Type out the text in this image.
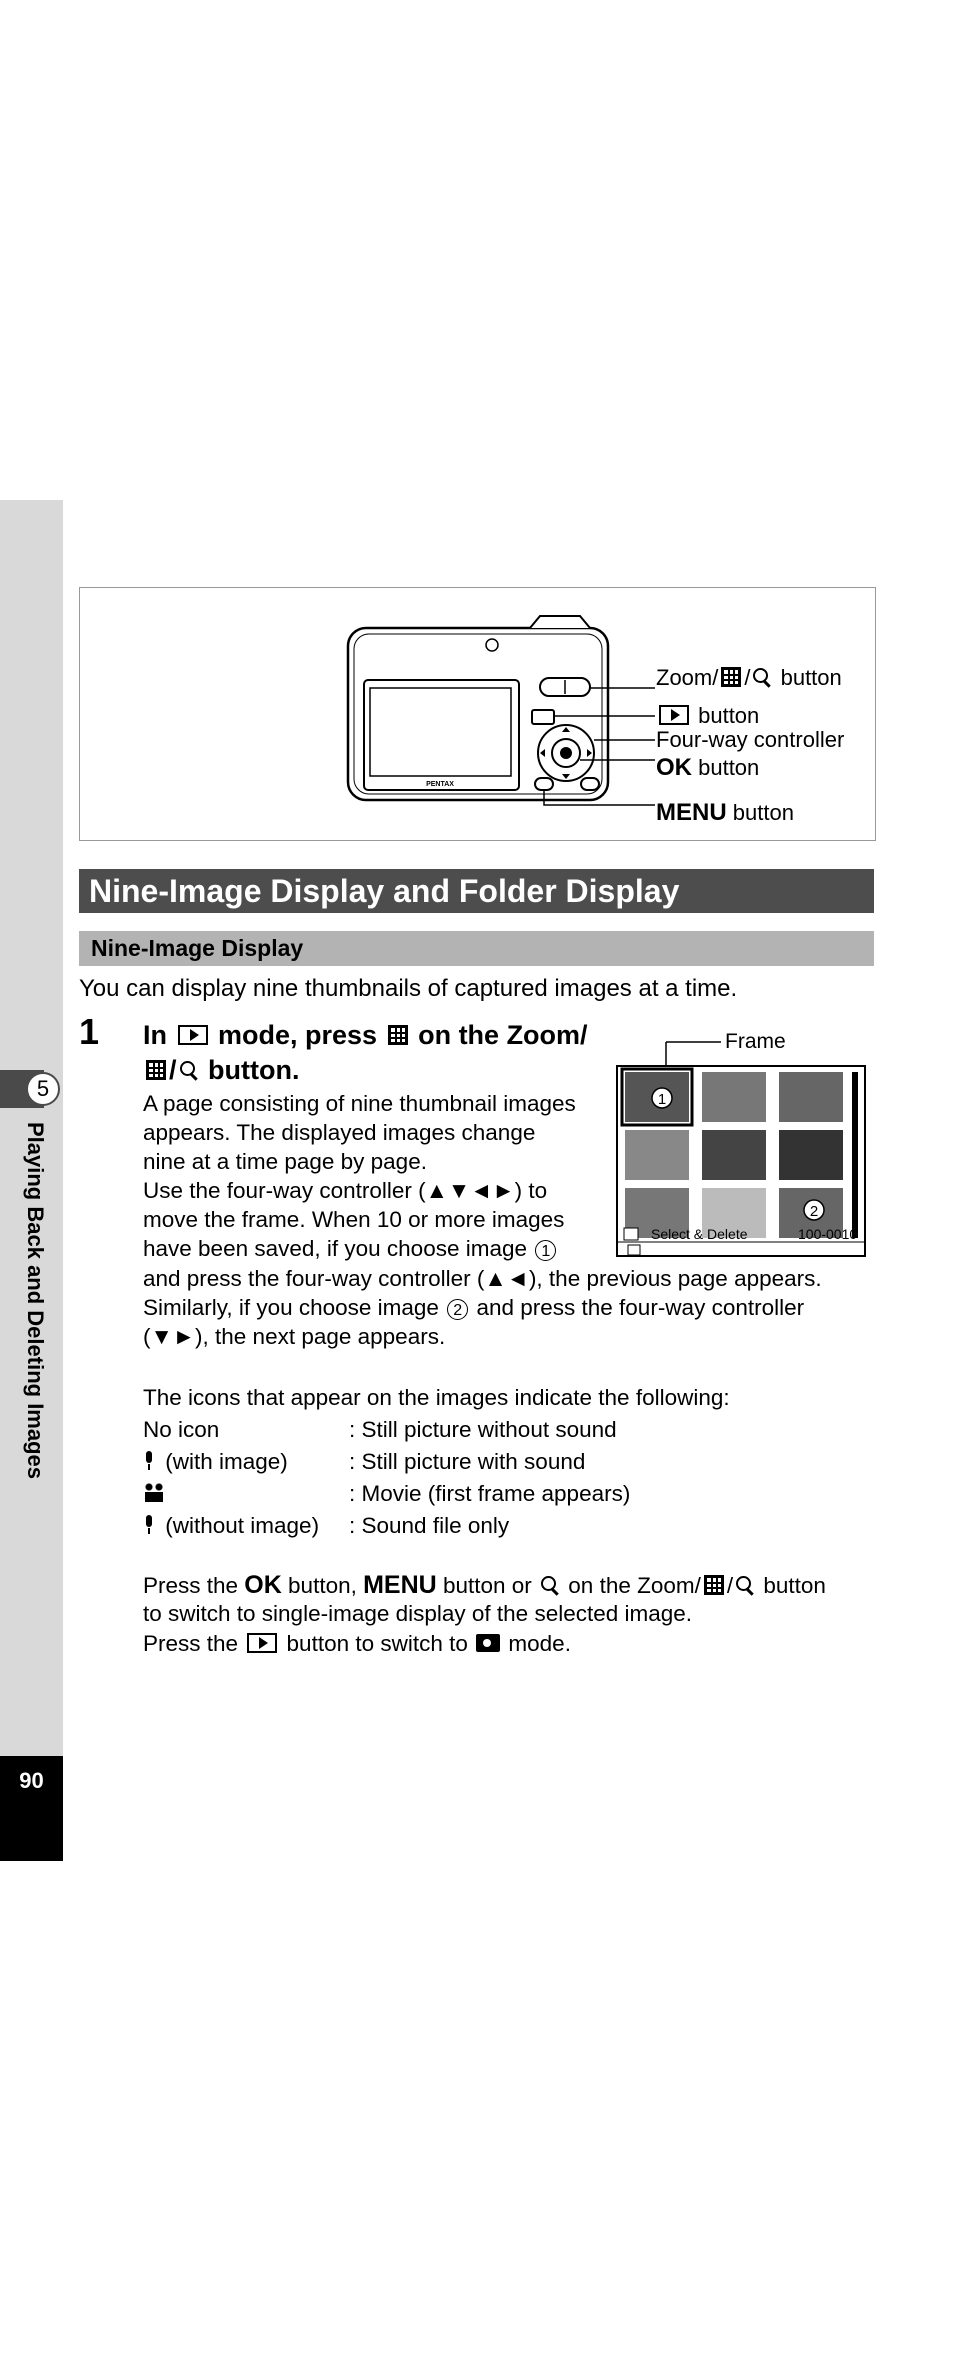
5
Playing Back and Deleting Images
90
PENTAX
Zoom/ / button
button
Four-way controller
OK button
MENU button
Nine-Image Display and Folder Display
Nine-Image Display
You can display nine thumbnails of captured images at a time.
1 In  mode, press  on the Zoom/
/ button.
A page consisting of nine thumbnail images
appears. The displayed images change
nine at a time page by page.
Use the four-way controller (▲▼◄►) to
move the frame. When 10 or more images
have been saved, if you choose image 1
and press the four-way controller (▲◄), the previous page appears.
Similarly, if you choose image 2 and press the four-way controller
(▼►), the next page appears.
Frame
1
2
Select & Delete	100-0010
The icons that appear on the images indicate the following:
No icon	: Still picture without sound
(with image)	: Still picture with sound
: Movie (first frame appears)
(without image) : Sound file only
Press the OK button, MENU button or  on the Zoom/ / button
to switch to single-image display of the selected image.
Press the  button to switch to  mode.
